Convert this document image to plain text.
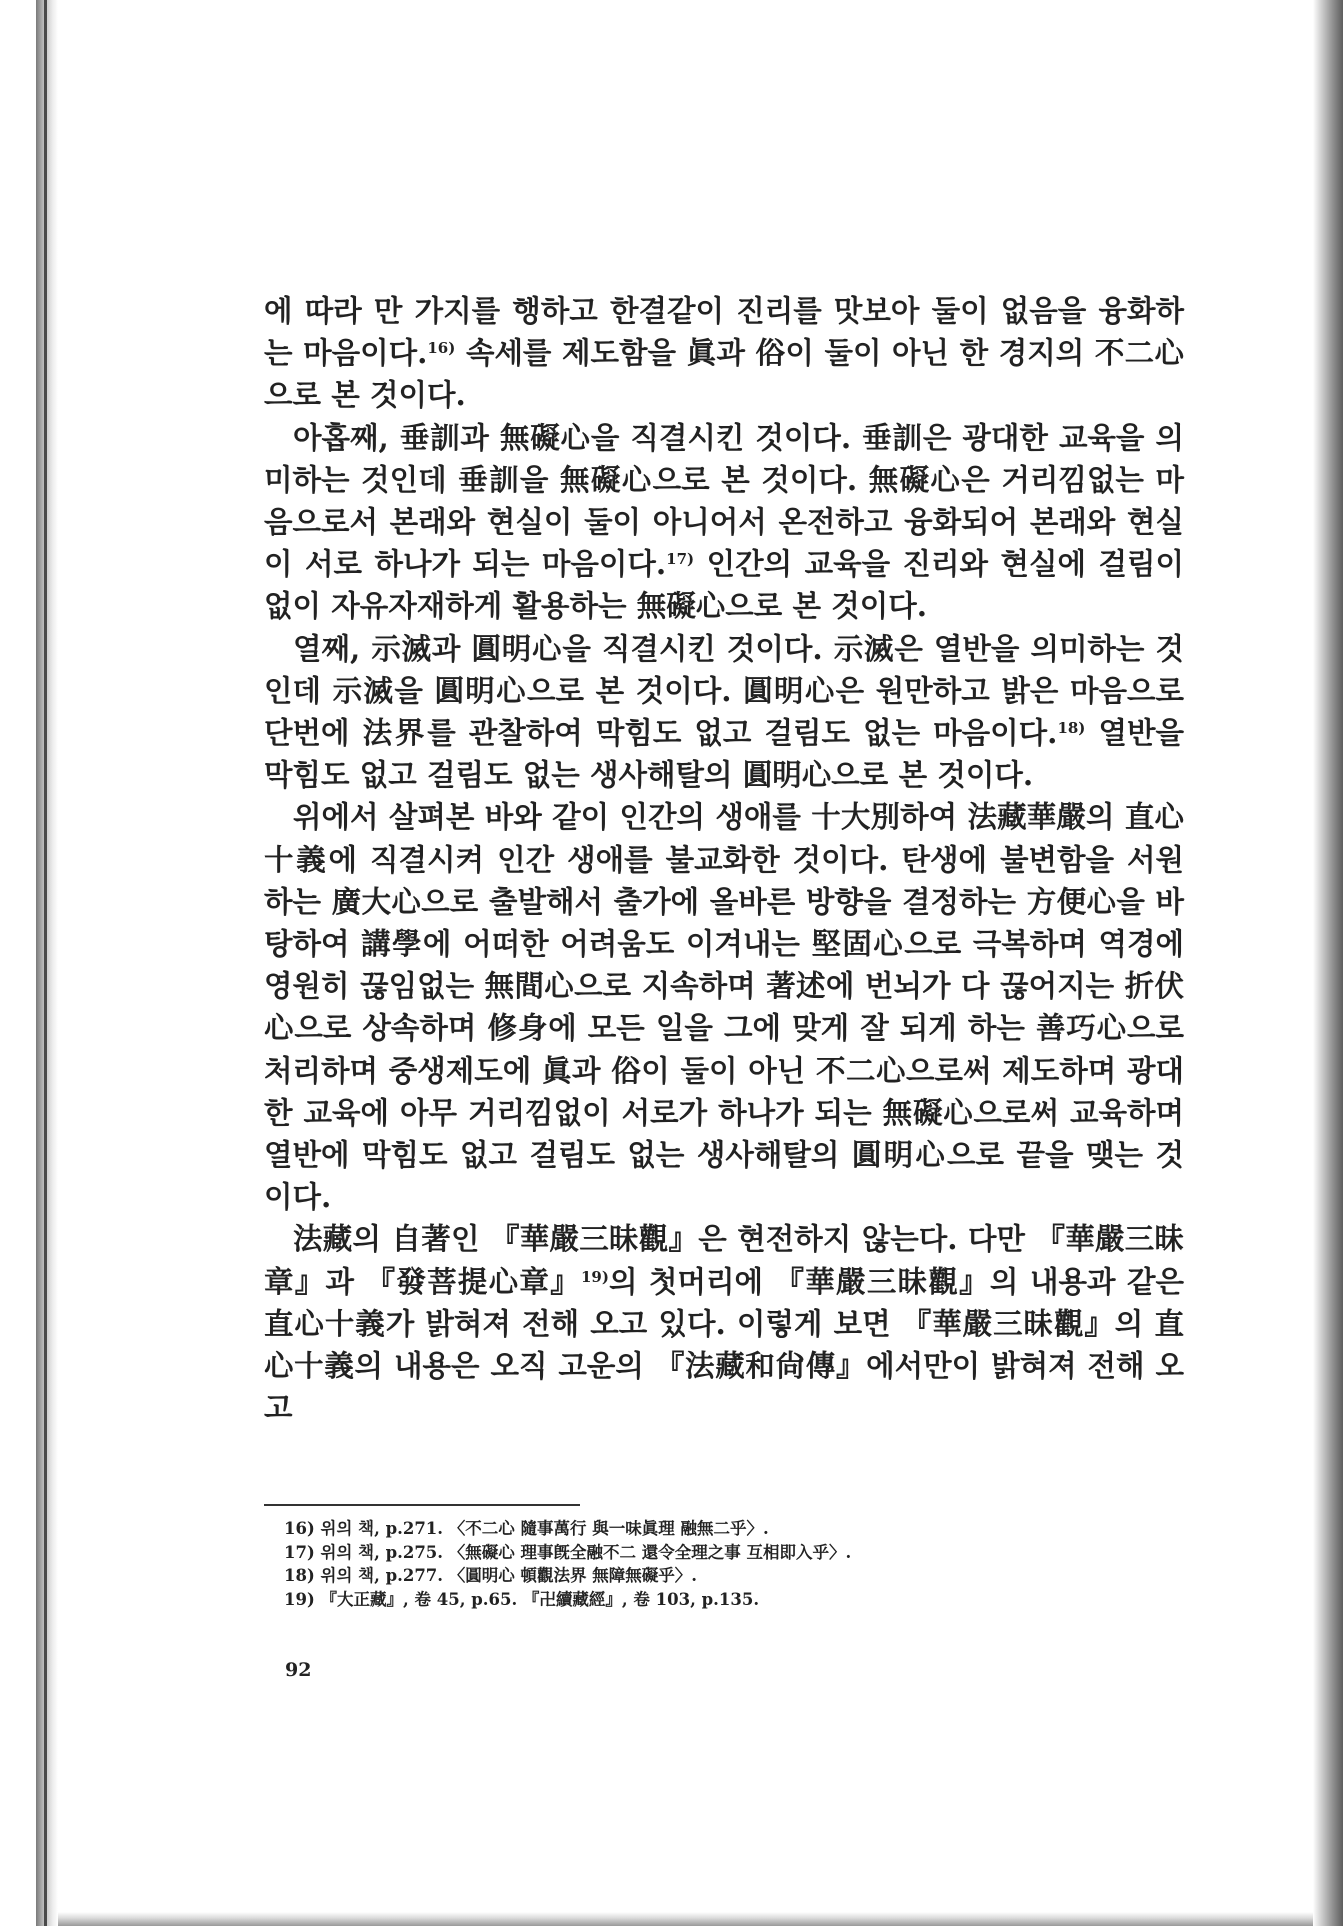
에 따라 만 가지를 행하고 한결같이 진리를 맛보아 둘이 없음을 융화하는 마음이다.$^{16)}$ 속세를 제도함을 眞과 俗이 둘이 아닌 한 경지의 不二心으로 본 것이다.

아홉째, 垂訓과 無礙心을 직결시킨 것이다. 垂訓은 광대한 교육을 의미하는 것인데 垂訓을 無礙心으로 본 것이다. 無礙心은 거리낌없는 마음으로서 본래와 현실이 둘이 아니어서 온전하고 융화되어 본래와 현실이 서로 하나가 되는 마음이다.$^{17)}$ 인간의 교육을 진리와 현실에 걸림이 없이 자유자재하게 활용하는 無礙心으로 본 것이다.

열째, 示滅과 圓明心을 직결시킨 것이다. 示滅은 열반을 의미하는 것인데 示滅을 圓明心으로 본 것이다. 圓明心은 원만하고 밝은 마음으로 단번에 法界를 관찰하여 막힘도 없고 걸림도 없는 마음이다.$^{18)}$ 열반을 막힘도 없고 걸림도 없는 생사해탈의 圓明心으로 본 것이다.

위에서 살펴본 바와 같이 인간의 생애를 十大別하여 法藏華嚴의 直心十義에 직결시켜 인간 생애를 불교화한 것이다. 탄생에 불변함을 서원하는 廣大心으로 출발해서 출가에 올바른 방향을 결정하는 方便心을 바탕하여 講學에 어떠한 어려움도 이겨내는 堅固心으로 극복하며 역경에 영원히 끊임없는 無間心으로 지속하며 著述에 번뇌가 다 끊어지는 折伏心으로 상속하며 修身에 모든 일을 그에 맞게 잘 되게 하는 善巧心으로 처리하며 중생제도에 眞과 俗이 둘이 아닌 不二心으로써 제도하며 광대한 교육에 아무 거리낌없이 서로가 하나가 되는 無礙心으로써 교육하며 열반에 막힘도 없고 걸림도 없는 생사해탈의 圓明心으로 끝을 맺는 것이다.

法藏의 自著인 『華嚴三昧觀』은 현전하지 않는다. 다만 『華嚴三昧章』과 『發菩提心章』$^{19)}$의 첫머리에 『華嚴三昧觀』의 내용과 같은 直心十義가 밝혀져 전해 오고 있다. 이렇게 보면 『華嚴三昧觀』의 直心十義의 내용은 오직 고운의 『法藏和尙傳』에서만이 밝혀져 전해 오고

16) 위의 책, p.271. 〈不二心 隨事萬行 與一味眞理 融無二乎〉.
17) 위의 책, p.275. 〈無礙心 理事旣全融不二 還令全理之事 互相即入乎〉.
18) 위의 책, p.277. 〈圓明心 頓觀法界 無障無礙乎〉.
19) 『大正藏』, 卷 45, p.65. 『卍續藏經』, 卷 103, p.135.
92
